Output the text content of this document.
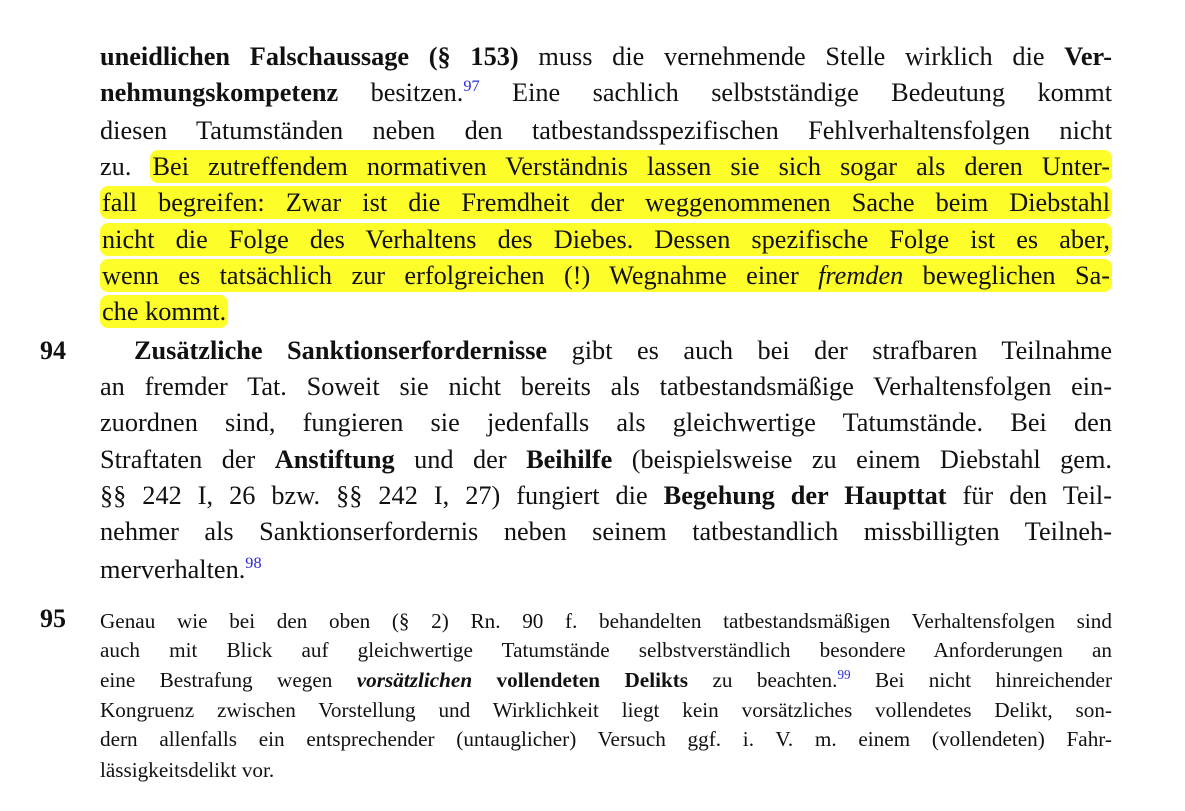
uneidlichen Falschaussage (§ 153) muss die vernehmende Stelle wirklich die Ver-
nehmungskompetenz besitzen.$^{97}$ Eine sachlich selbstständige Bedeutung kommt
diesen Tatumständen neben den tatbestandsspezifischen Fehlverhaltensfolgen nicht
zu. Bei zutreffendem normativen Verständnis lassen sie sich sogar als deren Unter-
fall begreifen: Zwar ist die Fremdheit der weggenommenen Sache beim Diebstahl
nicht die Folge des Verhaltens des Diebes. Dessen spezifische Folge ist es aber,
wenn es tatsächlich zur erfolgreichen (!) Wegnahme einer fremden beweglichen Sa-
che kommt.
94	Zusätzliche Sanktionserfordernisse gibt es auch bei der strafbaren Teilnahme
an fremder Tat. Soweit sie nicht bereits als tatbestandsmäßige Verhaltensfolgen ein-
zuordnen sind, fungieren sie jedenfalls als gleichwertige Tatumstände. Bei den
Straftaten der Anstiftung und der Beihilfe (beispielsweise zu einem Diebstahl gem.
§§ 242 I, 26 bzw. §§ 242 I, 27) fungiert die Begehung der Haupttat für den Teil-
nehmer als Sanktionserfordernis neben seinem tatbestandlich missbilligten Teilneh-
merverhalten.$^{98}$
95 Genau wie bei den oben (§ 2) Rn. 90 f. behandelten tatbestandsmäßigen Verhaltensfolgen sind
auch mit Blick auf gleichwertige Tatumstände selbstverständlich besondere Anforderungen an
eine Bestrafung wegen vorsätzlichen vollendeten Delikts zu beachten.$^{99}$ Bei nicht hinreichender
Kongruenz zwischen Vorstellung und Wirklichkeit liegt kein vorsätzliches vollendetes Delikt, son-
dern allenfalls ein entsprechender (untauglicher) Versuch ggf. i. V. m. einem (vollendeten) Fahr-
lässigkeitsdelikt vor.
